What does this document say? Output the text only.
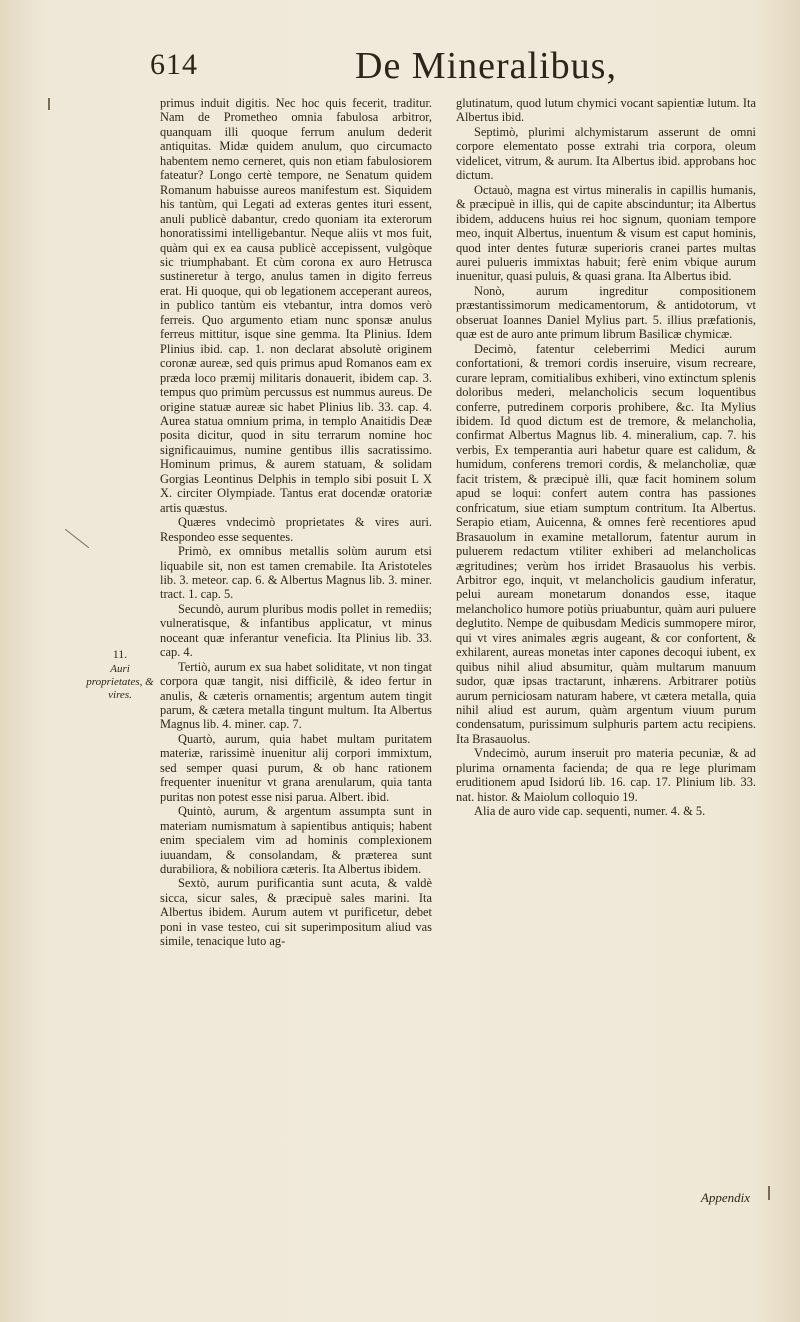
614	De Mineralibus,
11.
Auri proprietates, & vires.

primus induit digitis. Nec hoc quis fecerit, traditur. Nam de Prometheo omnia fabulosa arbitror, quanquam illi quoque ferrum anulum dederit antiquitas. Midæ quidem anulum, quo circumacto habentem nemo cerneret, quis non etiam fabulosiorem fateatur? Longo certè tempore, ne Senatum quidem Romanum habuisse aureos manifestum est. Siquidem his tantùm, qui Legati ad exteras gentes ituri essent, anuli publicè dabantur, credo quoniam ita exterorum honoratissimi intelligebantur. Neque aliis vt mos fuit, quàm qui ex ea causa publicè accepissent, vulgòque sic triumphabant. Et cùm corona ex auro Hetrusca sustineretur à tergo, anulus tamen in digito ferreus erat. Hi quoque, qui ob legationem acceperant aureos, in publico tantùm eis vtebantur, intra domos verò ferreis. Quo argumento etiam nunc sponsæ anulus ferreus mittitur, isque sine gemma. Ita Plinius. Idem Plinius ibid. cap. 1. non declarat absolutè originem coronæ aureæ, sed quis primus apud Romanos eam ex præda loco præmij militaris donauerit, ibidem cap. 3. tempus quo primùm percussus est nummus aureus. De origine statuæ aureæ sic habet Plinius lib. 33. cap. 4. Aurea statua omnium prima, in templo Anaitidis Deæ posita dicitur, quod in situ terrarum nomine hoc significauimus, numine gentibus illis sacratissimo. Hominum primus, & aurem statuam, & solidam Gorgias Leontinus Delphis in templo sibi posuit L X X. circiter Olympiade. Tantus erat docendæ oratoriæ artis quæstus.

Quæres vndecimò proprietates & vires auri. Respondeo esse sequentes.

Primò, ex omnibus metallis solùm aurum etsi liquabile sit, non est tamen cremabile. Ita Aristoteles lib. 3. meteor. cap. 6. & Albertus Magnus lib. 3. miner. tract. 1. cap. 5.

Secundò, aurum pluribus modis pollet in remediis; vulneratisque, & infantibus applicatur, vt minus noceant quæ inferantur veneficia. Ita Plinius lib. 33. cap. 4.

Tertiò, aurum ex sua habet soliditate, vt non tingat corpora quæ tangit, nisi difficilè, & ideo fertur in anulis, & cæteris ornamentis; argentum autem tingit parum, & cætera metalla tingunt multum. Ita Albertus Magnus lib. 4. miner. cap. 7.

Quartò, aurum, quia habet multam puritatem materiæ, rarissimè inuenitur alij corpori immixtum, sed semper quasi purum, & ob hanc rationem frequenter inuenitur vt grana arenularum, quia tanta puritas non potest esse nisi parua. Albert. ibid.

Quintò, aurum, & argentum assumpta sunt in materiam numismatum à sapientibus antiquis; habent enim specialem vim ad hominis complexionem iuuandam, & consolandam, & præterea sunt durabiliora, & nobiliora cæteris. Ita Albertus ibidem.

Sextò, aurum purificantia sunt acuta, & valdè sicca, sicur sales, & præcipuè sales marini. Ita Albertus ibidem. Aurum autem vt purificetur, debet poni in vase testeo, cui sit superimpositum aliud vas simile, tenacique luto ag-

glutinatum, quod lutum chymici vocant sapientiæ lutum. Ita Albertus ibid.

Septimò, plurimi alchymistarum asserunt de omni corpore elementato posse extrahi tria corpora, oleum videlicet, vitrum, & aurum. Ita Albertus ibid. approbans hoc dictum.

Octauò, magna est virtus mineralis in capillis humanis, & præcipuè in illis, qui de capite abscinduntur; ita Albertus ibidem, adducens huius rei hoc signum, quoniam tempore meo, inquit Albertus, inuentum & visum est caput hominis, quod inter dentes futuræ superioris cranei partes multas aurei pulueris immixtas habuit; ferè enim vbique aurum inuenitur, quasi puluis, & quasi grana. Ita Albertus ibid.

Nonò, aurum ingreditur compositionem præstantissimorum medicamentorum, & antidotorum, vt obseruat Ioannes Daniel Mylius part. 5. illius præfationis, quæ est de auro ante primum librum Basilicæ chymicæ.

Decimò, fatentur celeberrimi Medici aurum confortationi, & tremori cordis inseruire, visum recreare, curare lepram, comitialibus exhiberi, vino extinctum splenis doloribus mederi, melancholicis secum loquentibus conferre, putredinem corporis prohibere, &c. Ita Mylius ibidem. Id quod dictum est de tremore, & melancholia, confirmat Albertus Magnus lib. 4. mineralium, cap. 7. his verbis, Ex temperantia auri habetur quare est calidum, & humidum, conferens tremori cordis, & melancholiæ, quæ facit tristem, & præcipuè illi, quæ facit hominem solum apud se loqui: confert autem contra has passiones confricatum, siue etiam sumptum contritum. Ita Albertus. Serapio etiam, Auicenna, & omnes ferè recentiores apud Brasauolum in examine metallorum, fatentur aurum in puluerem redactum vtiliter exhiberi ad melancholicas ægritudines; verùm hos irridet Brasauolus his verbis. Arbitror ego, inquit, vt melancholicis gaudium inferatur, pelui auream monetarum donandos esse, itaque melancholico humore potiùs priuabuntur, quàm auri puluere deglutito. Nempe de quibusdam Medicis summopere miror, qui vt vires animales ægris augeant, & cor confortent, & exhilarent, aureas monetas inter capones decoqui iubent, ex quibus nihil aliud absumitur, quàm multarum manuum sudor, quæ ipsas tractarunt, inhærens. Arbitrarer potiùs aurum perniciosam naturam habere, vt cætera metalla, quia nihil aliud est aurum, quàm argentum viuum purum condensatum, purissimum sulphuris partem actu recipiens. Ita Brasauolus.

Vndecimò, aurum inseruit pro materia pecuniæ, & ad plurima ornamenta facienda; de qua re lege plurimam eruditionem apud Isidorú lib. 16. cap. 17. Plinium lib. 33. nat. histor. & Maiolum colloquio 19.

Alia de auro vide cap. sequenti, numer. 4. & 5.

Appendix
